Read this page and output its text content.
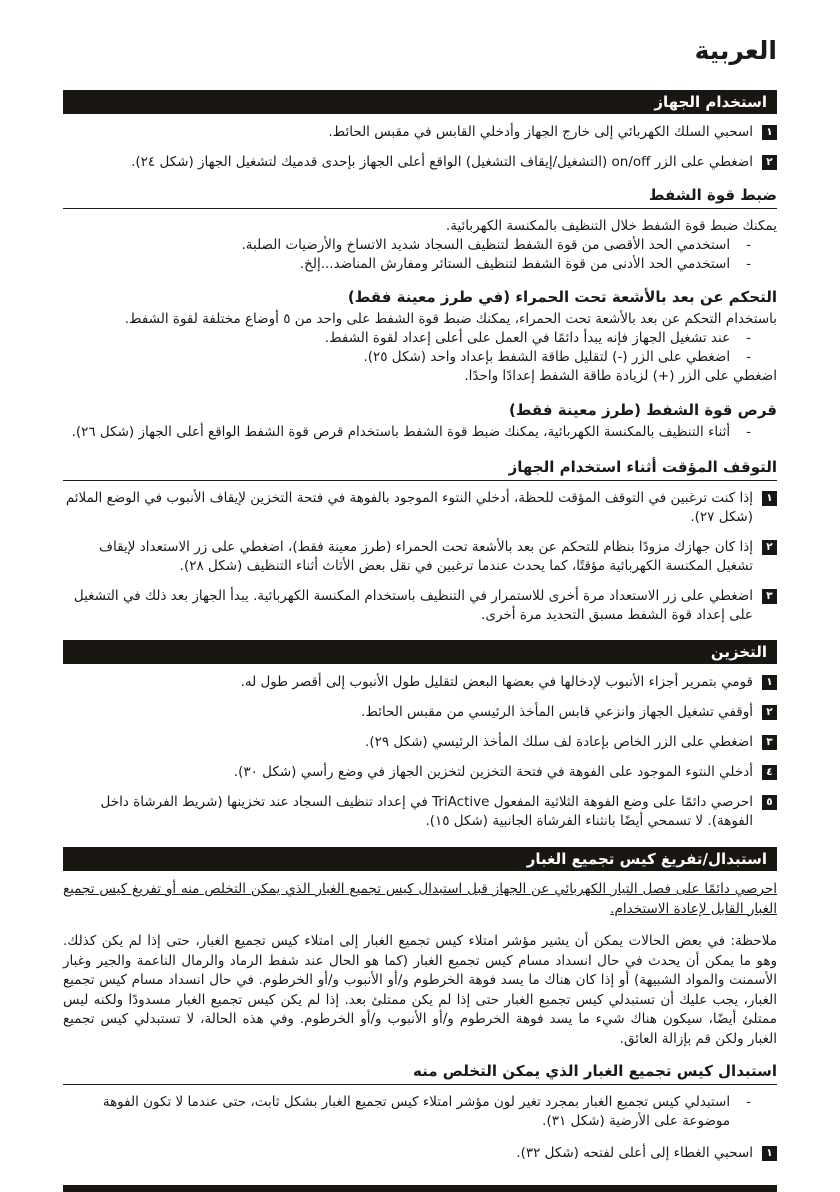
العربية
استخدام الجهاز
١

اسحبي السلك الكهربائي إلى خارج الجهاز وأدخلي القابس في مقبس الحائط.

٢

اضغطي على الزر on/off (التشغيل/إيقاف التشغيل) الواقع أعلى الجهاز بإحدى قدميك لتشغيل الجهاز (شكل ٢٤).

ضبط قوة الشفط

يمكنك ضبط قوة الشفط خلال التنظيف بالمكنسة الكهربائية.

-
استخدمي الحد الأقصى من قوة الشفط لتنظيف السجاد شديد الاتساخ والأرضيات الصلبة.
-
استخدمي الحد الأدنى من قوة الشفط لتنظيف الستائر ومفارش المناضد...إلخ.
التحكم عن بعد بالأشعة تحت الحمراء (في طرز معينة فقط)

باستخدام التحكم عن بعد بالأشعة تحت الحمراء، يمكنك ضبط قوة الشفط على واحد من ٥ أوضاع مختلفة لقوة الشفط.

-
عند تشغيل الجهاز فإنه يبدأ دائمًا في العمل على أعلى إعداد لقوة الشفط.
-
اضغطي على الزر (-) لتقليل طاقة الشفط بإعداد واحد (شكل ٢٥).

اضغطي على الزر (+) لزيادة طاقة الشفط إعدادًا واحدًا.

قرص قوة الشفط (طرز معينة فقط)
-
أثناء التنظيف بالمكنسة الكهربائية، يمكنك ضبط قوة الشفط باستخدام قرص قوة الشفط الواقع أعلى الجهاز (شكل ٢٦).
التوقف المؤقت أثناء استخدام الجهاز
١

إذا كنت ترغبين في التوقف المؤقت للحظة، أدخلي النتوء الموجود بالفوهة في فتحة التخزين لإيقاف الأنبوب في الوضع الملائم (شكل ٢٧).

٢

إذا كان جهازك مزودًا بنظام للتحكم عن بعد بالأشعة تحت الحمراء (طرز معينة فقط)، اضغطي على زر الاستعداد لإيقاف تشغيل المكنسة الكهربائية مؤقتًا، كما يحدث عندما ترغبين في نقل بعض الأثاث أثناء التنظيف (شكل ٢٨).

٣

اضغطي على زر الاستعداد مرة أخرى للاستمرار في التنظيف باستخدام المكنسة الكهربائية. يبدأ الجهاز بعد ذلك في التشغيل على إعداد قوة الشفط مسبق التحديد مرة أخرى.

التخزين
١

قومي بتمرير أجزاء الأنبوب لإدخالها في بعضها البعض لتقليل طول الأنبوب إلى أقصر طول له.

٢

أوقفي تشغيل الجهاز وانزعي قابس المأخذ الرئيسي من مقبس الحائط.

٣

اضغطي على الزر الخاص بإعادة لف سلك المأخذ الرئيسي (شكل ٢٩).

٤

أدخلي النتوء الموجود على الفوهة في فتحة التخزين لتخزين الجهاز في وضع رأسي (شكل ٣٠).

٥

احرصي دائمًا على وضع الفوهة الثلاثية المفعول TriActive في إعداد تنظيف السجاد عند تخزينها (شريط الفرشاة داخل الفوهة). لا تسمحي أيضًا بانثناء الفرشاة الجانبية (شكل ١٥).

استبدال/تفريغ كيس تجميع الغبار

احرصي دائمًا على فصل التيار الكهربائي عن الجهاز قبل استبدال كيس تجميع الغبار الذي يمكن التخلص منه أو تفريغ كيس تجميع الغبار القابل لإعادة الاستخدام.

ملاحظة: في بعض الحالات يمكن أن يشير مؤشر امتلاء كيس تجميع الغبار إلى امتلاء كيس تجميع الغبار، حتى إذا لم يكن كذلك. وهو ما يمكن أن يحدث في حال انسداد مسام كيس تجميع الغبار (كما هو الحال عند شفط الرماد والرمال الناعمة والجير وغبار الأسمنت والمواد الشبيهة) أو إذا كان هناك ما يسد فوهة الخرطوم و/أو الأنبوب و/أو الخرطوم. في حال انسداد مسام كيس تجميع الغبار، يجب عليك أن تستبدلي كيس تجميع الغبار حتى إذا لم يكن ممتلئ بعد. إذا لم يكن كيس تجميع الغبار مسدودًا ولكنه ليس ممتلئ أيضًا، سيكون هناك شيء ما يسد فوهة الخرطوم و/أو الأنبوب و/أو الخرطوم. وفي هذه الحالة، لا تستبدلي كيس تجميع الغبار ولكن قم بإزالة العائق.

استبدال كيس تجميع الغبار الذي يمكن التخلص منه
-
استبدلي كيس تجميع الغبار بمجرد تغير لون مؤشر امتلاء كيس تجميع الغبار بشكل ثابت، حتى عندما لا تكون الفوهة موضوعة على الأرضية (شكل ٣١).
١

اسحبي الغطاء إلى أعلى لفتحه (شكل ٣٢).
